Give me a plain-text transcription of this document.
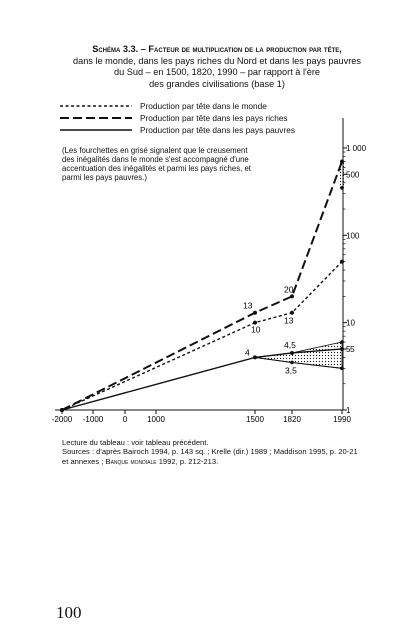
Schéma 3.3. – Facteur de multiplication de la production par tête,
dans le monde, dans les pays riches du Nord et dans les pays pauvres
du Sud – en 1500, 1820, 1990 – par rapport à l'ère
des grandes civilisations (base 1)
Production par tête dans le monde
Production par tête dans les pays riches
Production par tête dans les pays pauvres
(Les fourchettes en grisé signalent que le creusement des inégalités dans le monde s'est accompagné d'une accentuation des inégalités et parmi les pays riches, et parmi les pays pauvres.)
1
5
10
100
500
1 000
-2000 -1000 0 1000	1500 1820	1990
13
10
20
13
4
4,5
3,5
5
Lecture du tableau : voir tableau précédent.
Sources : d'après Bairoch 1994, p. 143 sq. ; Krelle (dir.) 1989 ; Maddison 1995, p. 20-21 et annexes ; Banque mondiale 1992, p. 212-213.
100
